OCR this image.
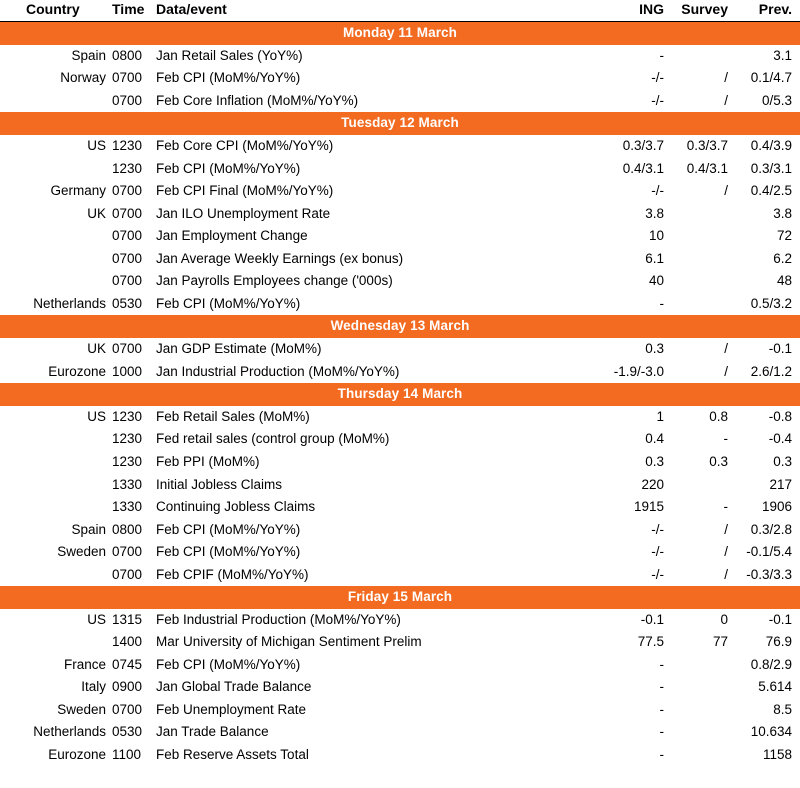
Country	Time	Data/event	ING	Survey	Prev.

Monday 11 March					
Spain	0800	Jan Retail Sales (YoY%)	-		3.1
Norway	0700	Feb CPI (MoM%/YoY%)	-/-	/	0.1/4.7
	0700	Feb Core Inflation (MoM%/YoY%)	-/-	/	0/5.3
Tuesday 12 March					
US	1230	Feb Core CPI (MoM%/YoY%)	0.3/3.7	0.3/3.7	0.4/3.9
	1230	Feb CPI (MoM%/YoY%)	0.4/3.1	0.4/3.1	0.3/3.1
Germany	0700	Feb CPI Final (MoM%/YoY%)	-/-	/	0.4/2.5
UK	0700	Jan ILO Unemployment Rate	3.8		3.8
	0700	Jan Employment Change	10		72
	0700	Jan Average Weekly Earnings (ex bonus)	6.1		6.2
	0700	Jan Payrolls Employees change ('000s)	40		48
Netherlands	0530	Feb CPI (MoM%/YoY%)	-		0.5/3.2
Wednesday 13 March					
UK	0700	Jan GDP Estimate (MoM%)	0.3	/	-0.1
Eurozone	1000	Jan Industrial Production (MoM%/YoY%)	-1.9/-3.0	/	2.6/1.2
Thursday 14 March					
US	1230	Feb Retail Sales (MoM%)	1	0.8	-0.8
	1230	Fed retail sales (control group (MoM%)	0.4	-	-0.4
	1230	Feb PPI (MoM%)	0.3	0.3	0.3
	1330	Initial Jobless Claims	220		217
	1330	Continuing Jobless Claims	1915	-	1906
Spain	0800	Feb CPI (MoM%/YoY%)	-/-	/	0.3/2.8
Sweden	0700	Feb CPI (MoM%/YoY%)	-/-	/	-0.1/5.4
	0700	Feb CPIF (MoM%/YoY%)	-/-	/	-0.3/3.3
Friday 15 March					
US	1315	Feb Industrial Production (MoM%/YoY%)	-0.1	0	-0.1
	1400	Mar University of Michigan Sentiment Prelim	77.5	77	76.9
France	0745	Feb CPI (MoM%/YoY%)	-		0.8/2.9
Italy	0900	Jan Global Trade Balance	-		5.614
Sweden	0700	Feb Unemployment Rate	-		8.5
Netherlands	0530	Jan Trade Balance	-		10.634
Eurozone	1100	Feb Reserve Assets Total	-		1158
